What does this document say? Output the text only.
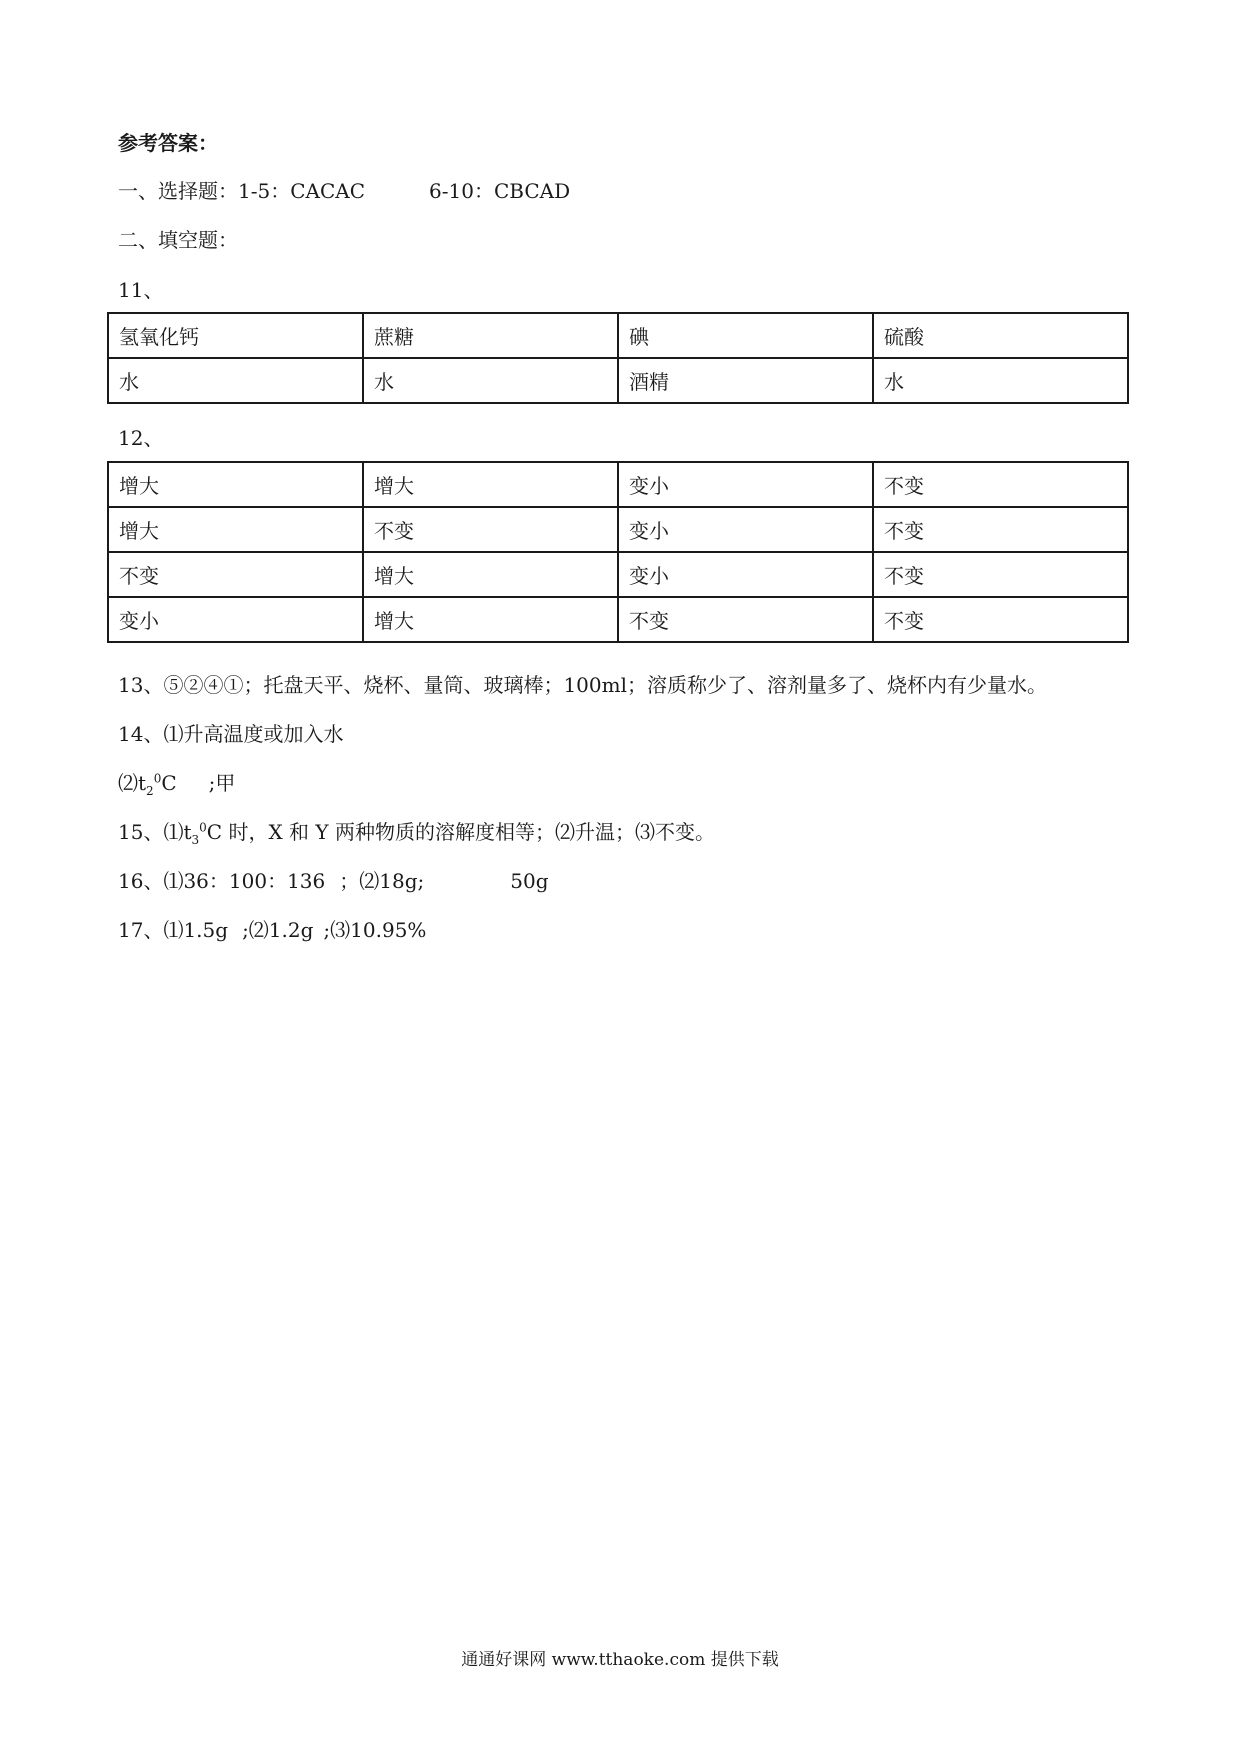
参考答案：
一、选择题：1-5：CACAC	6-10：CBCAD
二、填空题：
11、
氢氧化钙	蔗糖	碘	硫酸
水	水	酒精	水
12、
增大	增大	变小	不变
增大	不变	变小	不变
不变	增大	变小	不变
变小	增大	不变	不变
13、⑤②④①；托盘天平、烧杯、量筒、玻璃棒；100ml；溶质称少了、溶剂量多了、烧杯内有少量水。
14、⑴升高温度或加入水
$⑵t_2^0C$ ;甲
15、$⑴t_3^0C$ 时，X 和 Y 两种物质的溶解度相等；⑵升温；⑶不变。
16、⑴36：100：136 ；⑵18g;	50g
17、⑴1.5g ;⑵1.2g ;⑶10.95%
通通好课网 www.tthaoke.com 提供下载
